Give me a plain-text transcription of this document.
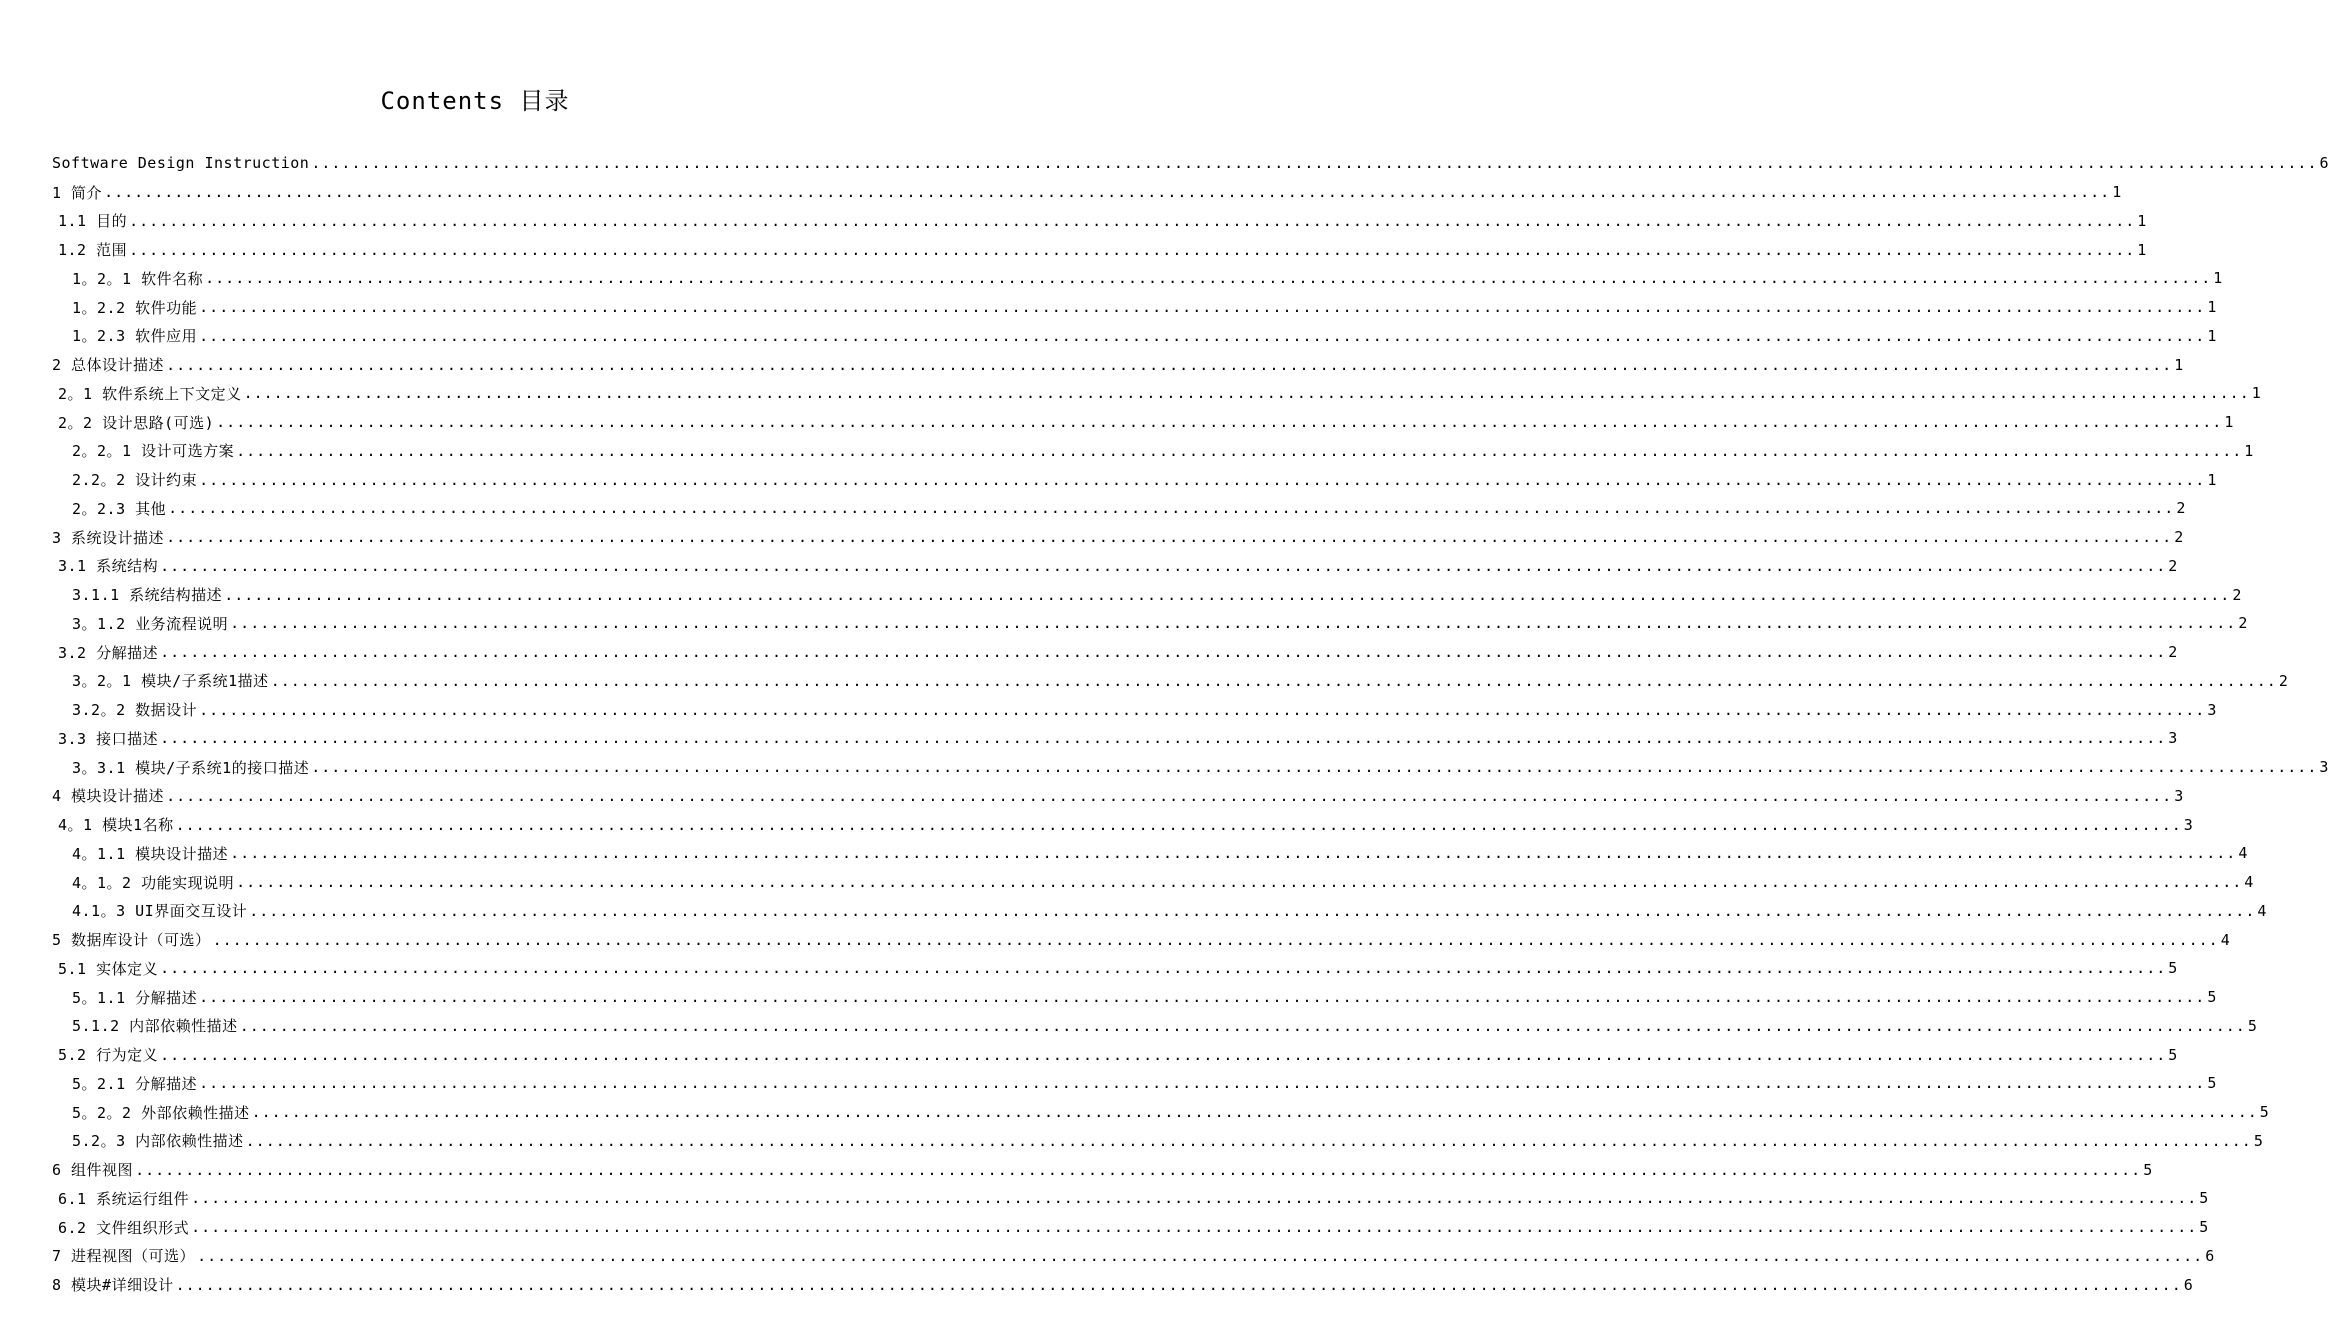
Contents 目录
Software Design Instruction ........................................................................................................................................................................................................ 6
1 简介 ........................................................................................................................................................................................................ 1
1.1 目的 ........................................................................................................................................................................................................ 1
1.2 范围 ........................................................................................................................................................................................................ 1
1。2。1 软件名称 ........................................................................................................................................................................................................ 1
1。2.2 软件功能 ........................................................................................................................................................................................................ 1
1。2.3 软件应用 ........................................................................................................................................................................................................ 1
2 总体设计描述 ........................................................................................................................................................................................................ 1
2。1 软件系统上下文定义 ........................................................................................................................................................................................................ 1
2。2 设计思路(可选) ........................................................................................................................................................................................................ 1
2。2。1 设计可选方案 ........................................................................................................................................................................................................ 1
2.2。2 设计约束 ........................................................................................................................................................................................................ 1
2。2.3 其他 ........................................................................................................................................................................................................ 2
3 系统设计描述 ........................................................................................................................................................................................................ 2
3.1 系统结构 ........................................................................................................................................................................................................ 2
3.1.1 系统结构描述 ........................................................................................................................................................................................................ 2
3。1.2 业务流程说明 ........................................................................................................................................................................................................ 2
3.2 分解描述 ........................................................................................................................................................................................................ 2
3。2。1 模块/子系统1描述 ........................................................................................................................................................................................................ 2
3.2。2 数据设计 ........................................................................................................................................................................................................ 3
3.3 接口描述 ........................................................................................................................................................................................................ 3
3。3.1 模块/子系统1的接口描述 ........................................................................................................................................................................................................ 3
4 模块设计描述 ........................................................................................................................................................................................................ 3
4。1 模块1名称 ........................................................................................................................................................................................................ 3
4。1.1 模块设计描述 ........................................................................................................................................................................................................ 4
4。1。2 功能实现说明 ........................................................................................................................................................................................................ 4
4.1。3 UI界面交互设计 ........................................................................................................................................................................................................ 4
5 数据库设计（可选） ........................................................................................................................................................................................................ 4
5.1 实体定义 ........................................................................................................................................................................................................ 5
5。1.1 分解描述 ........................................................................................................................................................................................................ 5
5.1.2 内部依赖性描述 ........................................................................................................................................................................................................ 5
5.2 行为定义 ........................................................................................................................................................................................................ 5
5。2.1 分解描述 ........................................................................................................................................................................................................ 5
5。2。2 外部依赖性描述 ........................................................................................................................................................................................................ 5
5.2。3 内部依赖性描述 ........................................................................................................................................................................................................ 5
6 组件视图 ........................................................................................................................................................................................................ 5
6.1 系统运行组件 ........................................................................................................................................................................................................ 5
6.2 文件组织形式 ........................................................................................................................................................................................................ 5
7 进程视图（可选） ........................................................................................................................................................................................................ 6
8 模块#详细设计 ........................................................................................................................................................................................................ 6
